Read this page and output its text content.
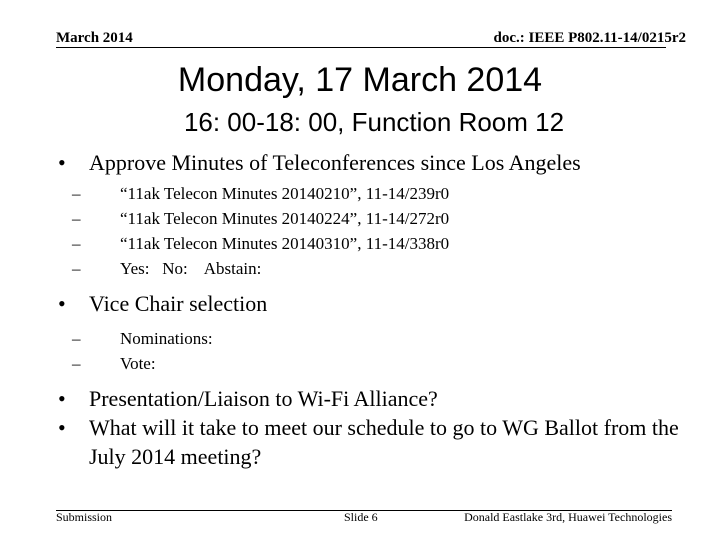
March 2014	doc.: IEEE P802.11-14/0215r2
Monday, 17 March 2014
16: 00-18: 00, Function Room 12
• Approve Minutes of Teleconferences since Los Angeles
– “11ak Telecon Minutes 20140210”, 11-14/239r0
– “11ak Telecon Minutes 20140224”, 11-14/272r0
– “11ak Telecon Minutes 20140310”, 11-14/338r0
– Yes:   No:    Abstain:
• Vice Chair selection
– Nominations:
– Vote:
• Presentation/Liaison to Wi-Fi Alliance?
• What will it take to meet our schedule to go to WG Ballot from the July 2014 meeting?
Submission	Slide 6	Donald Eastlake 3rd, Huawei Technologies
